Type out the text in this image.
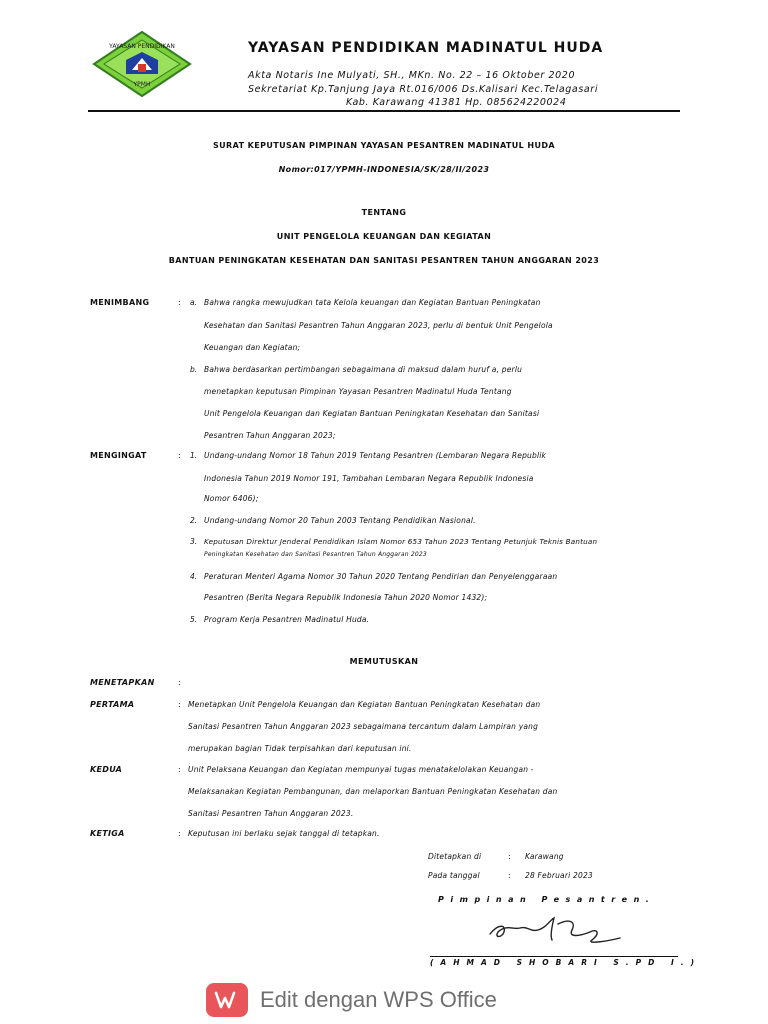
YAYASAN PENDIDIKAN
YPMH
YAYASAN PENDIDIKAN MADINATUL HUDA
Akta Notaris Ine Mulyati, SH., MKn. No. 22 – 16 Oktober 2020
Sekretariat Kp.Tanjung Jaya Rt.016/006 Ds.Kalisari Kec.Telagasari
Kab. Karawang 41381 Hp. 085624220024
SURAT KEPUTUSAN PIMPINAN YAYASAN PESANTREN MADINATUL HUDA
Nomor:017/YPMH-INDONESIA/SK/28/II/2023
TENTANG
UNIT PENGELOLA KEUANGAN DAN KEGIATAN
BANTUAN PENINGKATAN KESEHATAN DAN SANITASI PESANTREN TAHUN ANGGARAN 2023
MENIMBANG	: a. Bahwa rangka mewujudkan tata Kelola keuangan dan Kegiatan Bantuan Peningkatan
Kesehatan dan Sanitasi Pesantren Tahun Anggaran 2023, perlu di bentuk Unit Pengelola
Keuangan dan Kegiatan;
b. Bahwa berdasarkan pertimbangan sebagaimana di maksud dalam huruf a, perlu
menetapkan keputusan Pimpinan Yayasan Pesantren Madinatul Huda Tentang
Unit Pengelola Keuangan dan Kegiatan Bantuan Peningkatan Kesehatan dan Sanitasi
Pesantren Tahun Anggaran 2023;
MENGINGAT	: 1. Undang-undang Nomor 18 Tahun 2019 Tentang Pesantren (Lembaran Negara Republik
Indonesia Tahun 2019 Nomor 191, Tambahan Lembaran Negara Republik Indonesia
Nomor 6406);
2. Undang-undang Nomor 20 Tahun 2003 Tentang Pendidikan Nasional.
3. Keputusan Direktur Jenderal Pendidikan Islam Nomor 653 Tahun 2023 Tentang Petunjuk Teknis Bantuan
Peningkatan Kesehatan dan Sanitasi Pesantren Tahun Anggaran 2023
4. Peraturan Menteri Agama Nomor 30 Tahun 2020 Tentang Pendirian dan Penyelenggaraan
Pesantren (Berita Negara Republik Indonesia Tahun 2020 Nomor 1432);
5. Program Kerja Pesantren Madinatul Huda.
MEMUTUSKAN
MENETAPKAN	:
PERTAMA	: Menetapkan Unit Pengelola Keuangan dan Kegiatan Bantuan Peningkatan Kesehatan dan
Sanitasi Pesantren Tahun Anggaran 2023 sebagaimana tercantum dalam Lampiran yang
merupakan bagian Tidak terpisahkan dari keputusan ini.
KEDUA	: Unit Pelaksana Keuangan dan Kegiatan mempunyai tugas menatakelolakan Keuangan -
Melaksanakan Kegiatan Pembangunan, dan melaporkan Bantuan Peningkatan Kesehatan dan
Sanitasi Pesantren Tahun Anggaran 2023.
KETIGA	: Keputusan ini berlaku sejak tanggal di tetapkan.
Ditetapkan di	: Karawang
Pada tanggal	: 28 Februari 2023
Pimpinan Pesantren.
(AHMAD SHOBARI S.PD I.)
Edit dengan WPS Office
